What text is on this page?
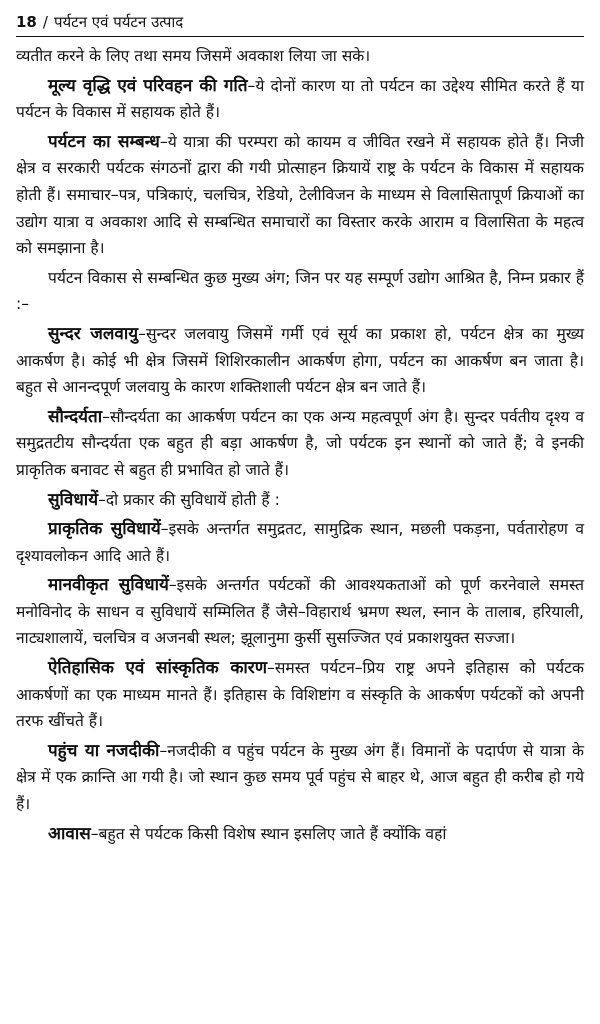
18 / पर्यटन एवं पर्यटन उत्पाद

व्यतीत करने के लिए तथा समय जिसमें अवकाश लिया जा सके।

मूल्य वृद्धि एवं परिवहन की गति–ये दोनों कारण या तो पर्यटन का उद्देश्य सीमित करते हैं या पर्यटन के विकास में सहायक होते हैं।

पर्यटन का सम्बन्ध–ये यात्रा की परम्परा को कायम व जीवित रखने में सहायक होते हैं। निजी क्षेत्र व सरकारी पर्यटक संगठनों द्वारा की गयी प्रोत्साहन क्रियायें राष्ट्र के पर्यटन के विकास में सहायक होती हैं। समाचार–पत्र, पत्रिकाएं, चलचित्र, रेडियो, टेलीविजन के माध्यम से विलासितापूर्ण क्रियाओं का उद्योग यात्रा व अवकाश आदि से सम्बन्धित समाचारों का विस्तार करके आराम व विलासिता के महत्व को समझाना है।

पर्यटन विकास से सम्बन्धित कुछ मुख्य अंग; जिन पर यह सम्पूर्ण उद्योग आश्रित है, निम्न प्रकार हैं :–

सुन्दर जलवायु–सुन्दर जलवायु जिसमें गर्मी एवं सूर्य का प्रकाश हो, पर्यटन क्षेत्र का मुख्य आकर्षण है। कोई भी क्षेत्र जिसमें शिशिरकालीन आकर्षण होगा, पर्यटन का आकर्षण बन जाता है। बहुत से आनन्दपूर्ण जलवायु के कारण शक्तिशाली पर्यटन क्षेत्र बन जाते हैं।

सौन्दर्यता–सौन्दर्यता का आकर्षण पर्यटन का एक अन्य महत्वपूर्ण अंग है। सुन्दर पर्वतीय दृश्य व समुद्रतटीय सौन्दर्यता एक बहुत ही बड़ा आकर्षण है, जो पर्यटक इन स्थानों को जाते हैं; वे इनकी प्राकृतिक बनावट से बहुत ही प्रभावित हो जाते हैं।

सुविधायें–दो प्रकार की सुविधायें होती हैं :

प्राकृतिक सुविधायें–इसके अन्तर्गत समुद्रतट, सामुद्रिक स्थान, मछली पकड़ना, पर्वतारोहण व दृश्यावलोकन आदि आते हैं।

मानवीकृत सुविधायें–इसके अन्तर्गत पर्यटकों की आवश्यकताओं को पूर्ण करनेवाले समस्त मनोविनोद के साधन व सुविधायें सम्मिलित हैं जैसे–विहारार्थ भ्रमण स्थल, स्नान के तालाब, हरियाली, नाट्यशालायें, चलचित्र व अजनबी स्थल; झूलानुमा कुर्सी सुसज्जित एवं प्रकाशयुक्त सज्जा।

ऐतिहासिक एवं सांस्कृतिक कारण–समस्त पर्यटन–प्रिय राष्ट्र अपने इतिहास को पर्यटक आकर्षणों का एक माध्यम मानते हैं। इतिहास के विशिष्टांग व संस्कृति के आकर्षण पर्यटकों को अपनी तरफ खींचते हैं।

पहुंच या नजदीकी–नजदीकी व पहुंच पर्यटन के मुख्य अंग हैं। विमानों के पदार्पण से यात्रा के क्षेत्र में एक क्रान्ति आ गयी है। जो स्थान कुछ समय पूर्व पहुंच से बाहर थे, आज बहुत ही करीब हो गये हैं।

आवास–बहुत से पर्यटक किसी विशेष स्थान इसलिए जाते हैं क्योंकि वहां
